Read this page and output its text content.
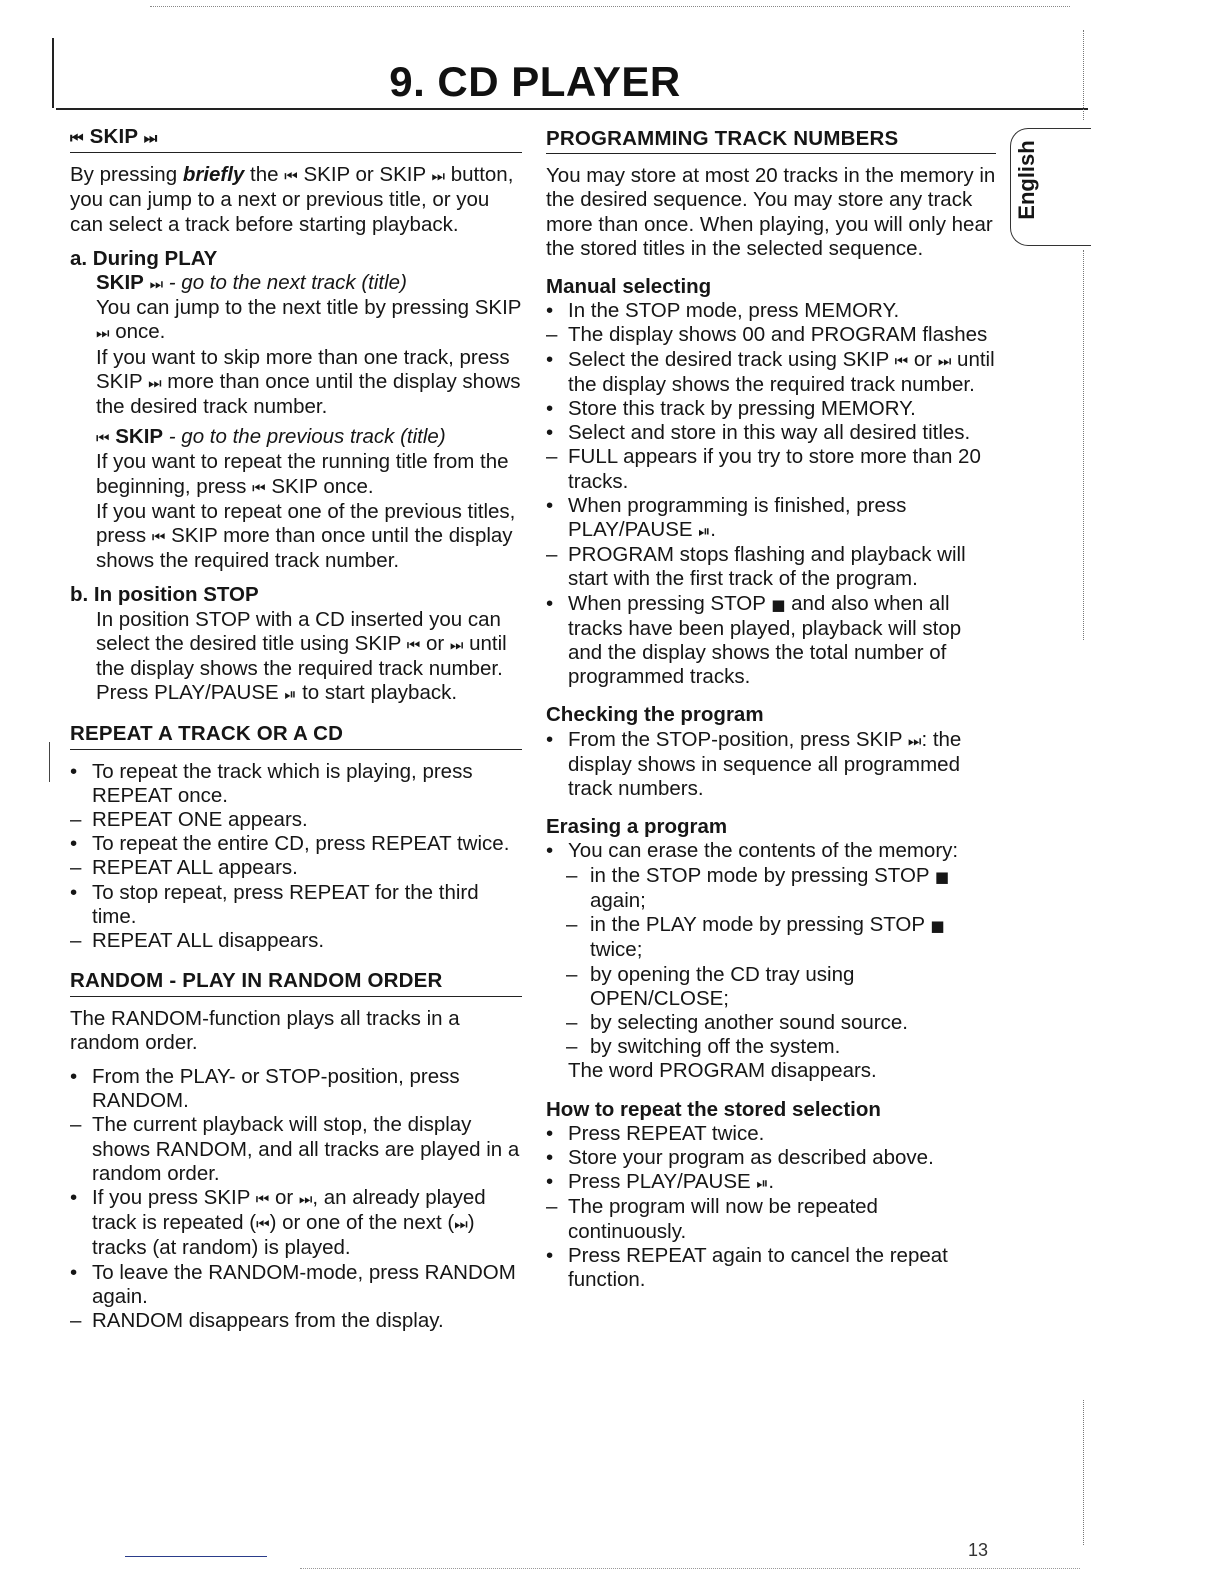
9. CD PLAYER
English
⏮ SKIP ⏭

By pressing briefly the ⏮ SKIP or SKIP ⏭ button, you can jump to a next or previous title, or you can select a track before starting playback.

a. During PLAY

SKIP ⏭ - go to the next track (title)

You can jump to the next title by pressing SKIP ⏭ once.

If you want to skip more than one track, press SKIP ⏭ more than once until the display shows the desired track number.

⏮ SKIP - go to the previous track (title)

If you want to repeat the running title from the beginning, press ⏮ SKIP once.

If you want to repeat one of the previous titles, press ⏮ SKIP more than once until the display shows the required track number.

b. In position STOP

In position STOP with a CD inserted you can select the desired title using SKIP ⏮ or ⏭ until the display shows the required track number. Press PLAY/PAUSE ⏯ to start playback.

REPEAT A TRACK OR A CD
• To repeat the track which is playing, press REPEAT once.
– REPEAT ONE appears.
• To repeat the entire CD, press REPEAT twice.
– REPEAT ALL appears.
• To stop repeat, press REPEAT for the third time.
– REPEAT ALL disappears.
RANDOM - PLAY IN RANDOM ORDER

The RANDOM-function plays all tracks in a random order.

• From the PLAY- or STOP-position, press RANDOM.
– The current playback will stop, the display shows RANDOM, and all tracks are played in a random order.
• If you press SKIP ⏮ or ⏭, an already played track is repeated (⏮) or one of the next (⏭) tracks (at random) is played.
• To leave the RANDOM-mode, press RANDOM again.
– RANDOM disappears from the display.
PROGRAMMING TRACK NUMBERS

You may store at most 20 tracks in the memory in the desired sequence. You may store any track more than once. When playing, you will only hear the stored titles in the selected sequence.

Manual selecting

• In the STOP mode, press MEMORY.
– The display shows 00 and PROGRAM flashes
• Select the desired track using SKIP ⏮ or ⏭ until the display shows the required track number.
• Store this track by pressing MEMORY.
• Select and store in this way all desired titles.
– FULL appears if you try to store more than 20 tracks.
• When programming is finished, press PLAY/PAUSE ⏯.
– PROGRAM stops flashing and playback will start with the first track of the program.
• When pressing STOP ■ and also when all tracks have been played, playback will stop and the display shows the total number of programmed tracks.

Checking the program

• From the STOP-position, press SKIP ⏭: the display shows in sequence all programmed track numbers.

Erasing a program

• You can erase the contents of the memory:
– in the STOP mode by pressing STOP ■ again;
– in the PLAY mode by pressing STOP ■ twice;
– by opening the CD tray using OPEN/CLOSE;
– by selecting another sound source.
– by switching off the system.

The word PROGRAM disappears.

How to repeat the stored selection

• Press REPEAT twice.
• Store your program as described above.
• Press PLAY/PAUSE ⏯.
– The program will now be repeated continuously.
• Press REPEAT again to cancel the repeat function.
13
